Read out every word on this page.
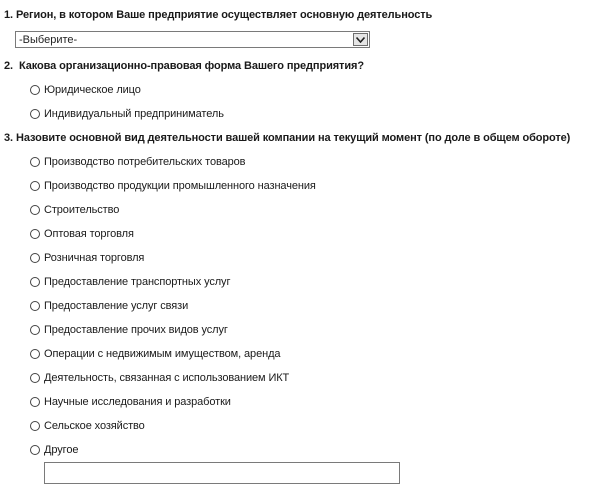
1. Регион, в котором Ваше предприятие осуществляет основную деятельность
-Выберите-
2. Какова организационно-правовая форма Вашего предприятия?
Юридическое лицо
Индивидуальный предприниматель
3. Назовите основной вид деятельности вашей компании на текущий момент (по доле в общем обороте)
Производство потребительских товаров
Производство продукции промышленного назначения
Строительство
Оптовая торговля
Розничная торговля
Предоставление транспортных услуг
Предоставление услуг связи
Предоставление прочих видов услуг
Операции с недвижимым имуществом, аренда
Деятельность, связанная с использованием ИКТ
Научные исследования и разработки
Сельское хозяйство
Другое
